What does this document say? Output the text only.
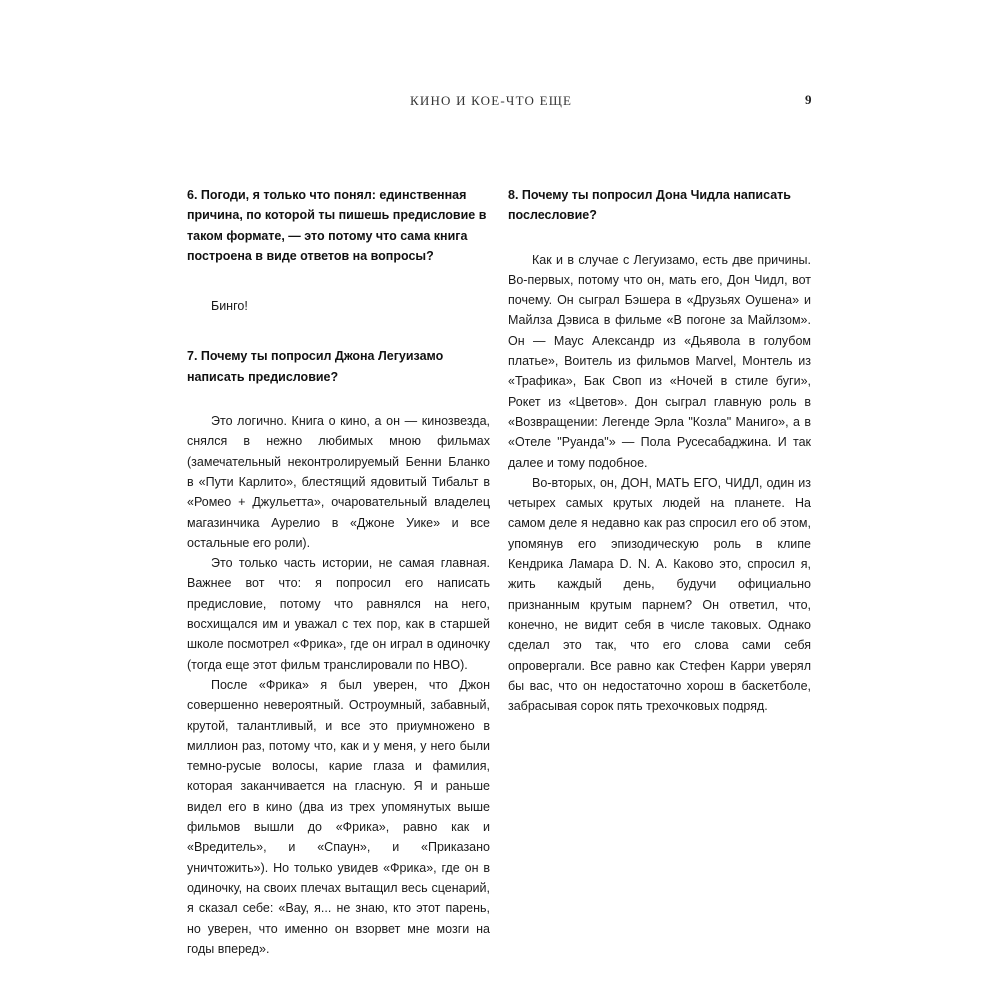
КИНО И КОЕ-ЧТО ЕЩЕ	9

6. Погоди, я только что понял: единственная причина, по которой ты пишешь предисловие в таком формате, — это потому что сама книга построена в виде ответов на вопросы?

Бинго!

7. Почему ты попросил Джона Легуизамо написать предисловие?

Это логично. Книга о кино, а он — кинозвезда, снялся в нежно любимых мною фильмах (замечательный неконтролируемый Бенни Бланко в «Пути Карлито», блестящий ядовитый Тибальт в «Ромео + Джульетта», очаровательный владелец магазинчика Аурелио в «Джоне Уике» и все остальные его роли).

Это только часть истории, не самая главная. Важнее вот что: я попросил его написать предисловие, потому что равнялся на него, восхищался им и уважал с тех пор, как в старшей школе посмотрел «Фрика», где он играл в одиночку (тогда еще этот фильм транслировали по HBO).

После «Фрика» я был уверен, что Джон совершенно невероятный. Остроумный, забавный, крутой, талантливый, и все это приумножено в миллион раз, потому что, как и у меня, у него были темно-русые волосы, карие глаза и фамилия, которая заканчивается на гласную. Я и раньше видел его в кино (два из трех упомянутых выше фильмов вышли до «Фрика», равно как и «Вредитель», и «Спаун», и «Приказано уничтожить»). Но только увидев «Фрика», где он в одиночку, на своих плечах вытащил весь сценарий, я сказал себе: «Вау, я... не знаю, кто этот парень, но уверен, что именно он взорвет мне мозги на годы вперед».

8. Почему ты попросил Дона Чидла написать послесловие?

Как и в случае с Легуизамо, есть две причины. Во-первых, потому что он, мать его, Дон Чидл, вот почему. Он сыграл Бэшера в «Друзьях Оушена» и Майлза Дэвиса в фильме «В погоне за Майлзом». Он — Маус Александр из «Дьявола в голубом платье», Воитель из фильмов Marvel, Монтель из «Трафика», Бак Своп из «Ночей в стиле буги», Рокет из «Цветов». Дон сыграл главную роль в «Возвращении: Легенде Эрла "Козла" Маниго», а в «Отеле "Руанда"» — Пола Русесабаджина. И так далее и тому подобное.

Во-вторых, он, ДОН, МАТЬ ЕГО, ЧИДЛ, один из четырех самых крутых людей на планете. На самом деле я недавно как раз спросил его об этом, упомянув его эпизодическую роль в клипе Кендрика Ламара D. N. A. Каково это, спросил я, жить каждый день, будучи официально признанным крутым парнем? Он ответил, что, конечно, не видит себя в числе таковых. Однако сделал это так, что его слова сами себя опровергали. Все равно как Стефен Карри уверял бы вас, что он недостаточно хорош в баскетболе, забрасывая сорок пять трехочковых подряд.
